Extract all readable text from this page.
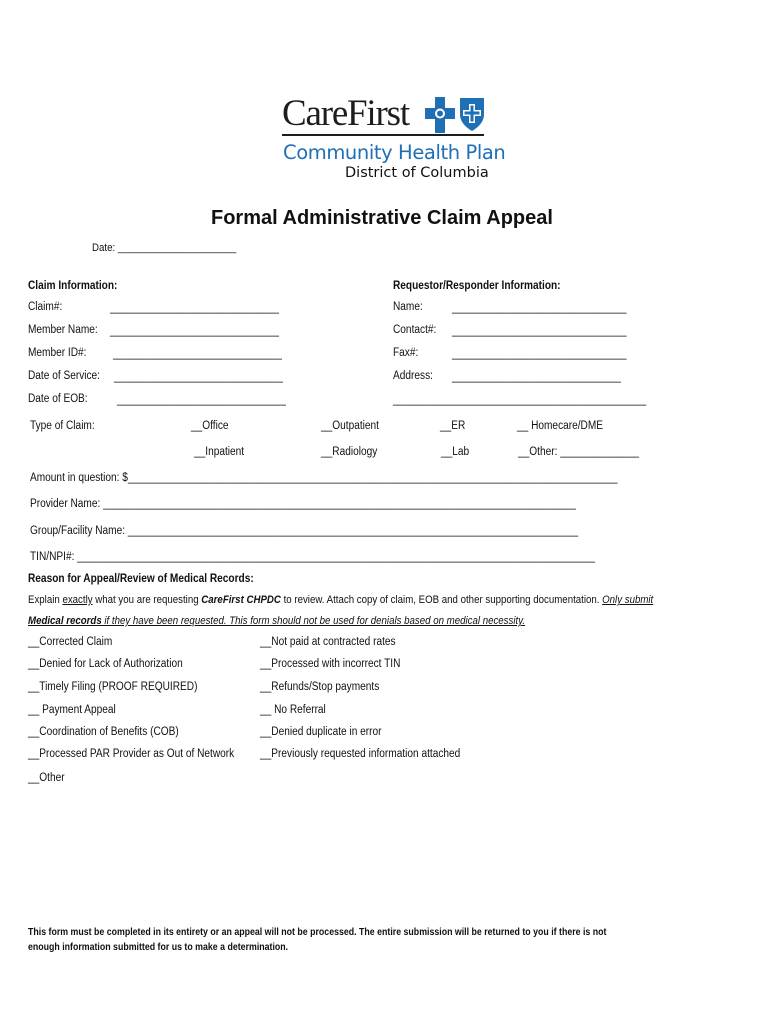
CareFirst
Community Health Plan
District of Columbia
Formal Administrative Claim Appeal
Date: ______________________
Claim Information:
Claim#:	______________________________
Member Name: ______________________________
Member ID#: ______________________________
Date of Service: ______________________________
Date of EOB:	______________________________
Requestor/Responder Information:
Name:	_______________________________
Contact#: _______________________________
Fax#:	_______________________________
Address: ______________________________
_____________________________________________
Type of Claim:	__Office	__Outpatient	__ER	__ Homecare/DME
__Inpatient	__Radiology	__Lab	__Other: ______________
Amount in question: $_______________________________________________________________________________________
Provider Name: ____________________________________________________________________________________
Group/Facility Name: ________________________________________________________________________________
TIN/NPI#: ____________________________________________________________________________________________
Reason for Appeal/Review of Medical Records:
Explain exactly what you are requesting CareFirst CHPDC to review. Attach copy of claim, EOB and other supporting documentation. Only submit
Medical records if they have been requested. This form should not be used for denials based on medical necessity.
__Corrected Claim
__Denied for Lack of Authorization
__Timely Filing (PROOF REQUIRED)
__ Payment Appeal
__Coordination of Benefits (COB)
__Processed PAR Provider as Out of Network
__Other
__Not paid at contracted rates
__Processed with incorrect TIN
__Refunds/Stop payments
__ No Referral
__Denied duplicate in error
__Previously requested information attached
This form must be completed in its entirety or an appeal will not be processed. The entire submission will be returned to you if there is not
enough information submitted for us to make a determination.
